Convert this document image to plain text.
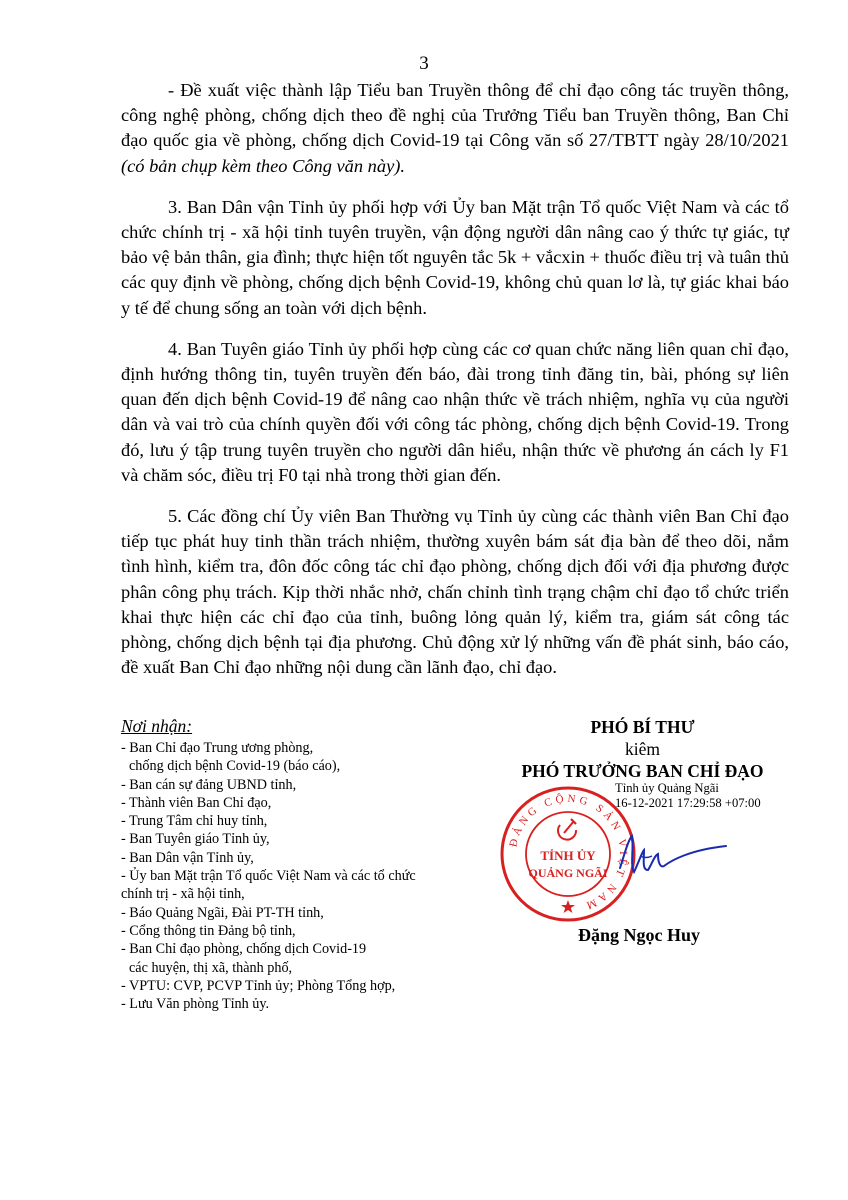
3

- Đề xuất việc thành lập Tiểu ban Truyền thông để chỉ đạo công tác truyền thông, công nghệ phòng, chống dịch theo đề nghị của Trưởng Tiểu ban Truyền thông, Ban Chỉ đạo quốc gia về phòng, chống dịch Covid-19 tại Công văn số 27/TBTT ngày 28/10/2021 (có bản chụp kèm theo Công văn này).

3. Ban Dân vận Tỉnh ủy phối hợp với Ủy ban Mặt trận Tổ quốc Việt Nam và các tổ chức chính trị - xã hội tỉnh tuyên truyền, vận động người dân nâng cao ý thức tự giác, tự bảo vệ bản thân, gia đình; thực hiện tốt nguyên tắc 5k + vắcxin + thuốc điều trị và tuân thủ các quy định về phòng, chống dịch bệnh Covid-19, không chủ quan lơ là, tự giác khai báo y tế để chung sống an toàn với dịch bệnh.

4. Ban Tuyên giáo Tỉnh ủy phối hợp cùng các cơ quan chức năng liên quan chỉ đạo, định hướng thông tin, tuyên truyền đến báo, đài trong tỉnh đăng tin, bài, phóng sự liên quan đến dịch bệnh Covid-19 để nâng cao nhận thức về trách nhiệm, nghĩa vụ của người dân và vai trò của chính quyền đối với công tác phòng, chống dịch bệnh Covid-19. Trong đó, lưu ý tập trung tuyên truyền cho người dân hiểu, nhận thức về phương án cách ly F1 và chăm sóc, điều trị F0 tại nhà trong thời gian đến.

5. Các đồng chí Ủy viên Ban Thường vụ Tỉnh ủy cùng các thành viên Ban Chỉ đạo tiếp tục phát huy tinh thần trách nhiệm, thường xuyên bám sát địa bàn để theo dõi, nắm tình hình, kiểm tra, đôn đốc công tác chỉ đạo phòng, chống dịch đối với địa phương được phân công phụ trách. Kịp thời nhắc nhở, chấn chỉnh tình trạng chậm chỉ đạo tổ chức triển khai thực hiện các chỉ đạo của tỉnh, buông lỏng quản lý, kiểm tra, giám sát công tác phòng, chống dịch bệnh tại địa phương. Chủ động xử lý những vấn đề phát sinh, báo cáo, đề xuất Ban Chỉ đạo những nội dung cần lãnh đạo, chỉ đạo.

Nơi nhận:
- Ban Chỉ đạo Trung ương phòng,
chống dịch bệnh Covid-19 (báo cáo),
- Ban cán sự đảng UBND tỉnh,
- Thành viên Ban Chỉ đạo,
- Trung Tâm chỉ huy tỉnh,
- Ban Tuyên giáo Tỉnh ủy,
- Ban Dân vận Tỉnh ủy,
- Ủy ban Mặt trận Tổ quốc Việt Nam và các tổ chức
chính trị - xã hội tỉnh,
- Báo Quảng Ngãi, Đài PT-TH tỉnh,
- Cổng thông tin Đảng bộ tỉnh,
- Ban Chỉ đạo phòng, chống dịch Covid-19
các huyện, thị xã, thành phố,
- VPTU: CVP, PCVP Tỉnh ủy; Phòng Tổng hợp,
- Lưu Văn phòng Tỉnh ủy.
PHÓ BÍ THƯ
kiêm
PHÓ TRƯỞNG BAN CHỈ ĐẠO
ĐẢNG CỘNG SẢN VIỆT NAM
TỈNH ỦY
QUẢNG NGÃI
Tỉnh ủy Quảng Ngãi
16-12-2021 17:29:58 +07:00
Đặng Ngọc Huy
